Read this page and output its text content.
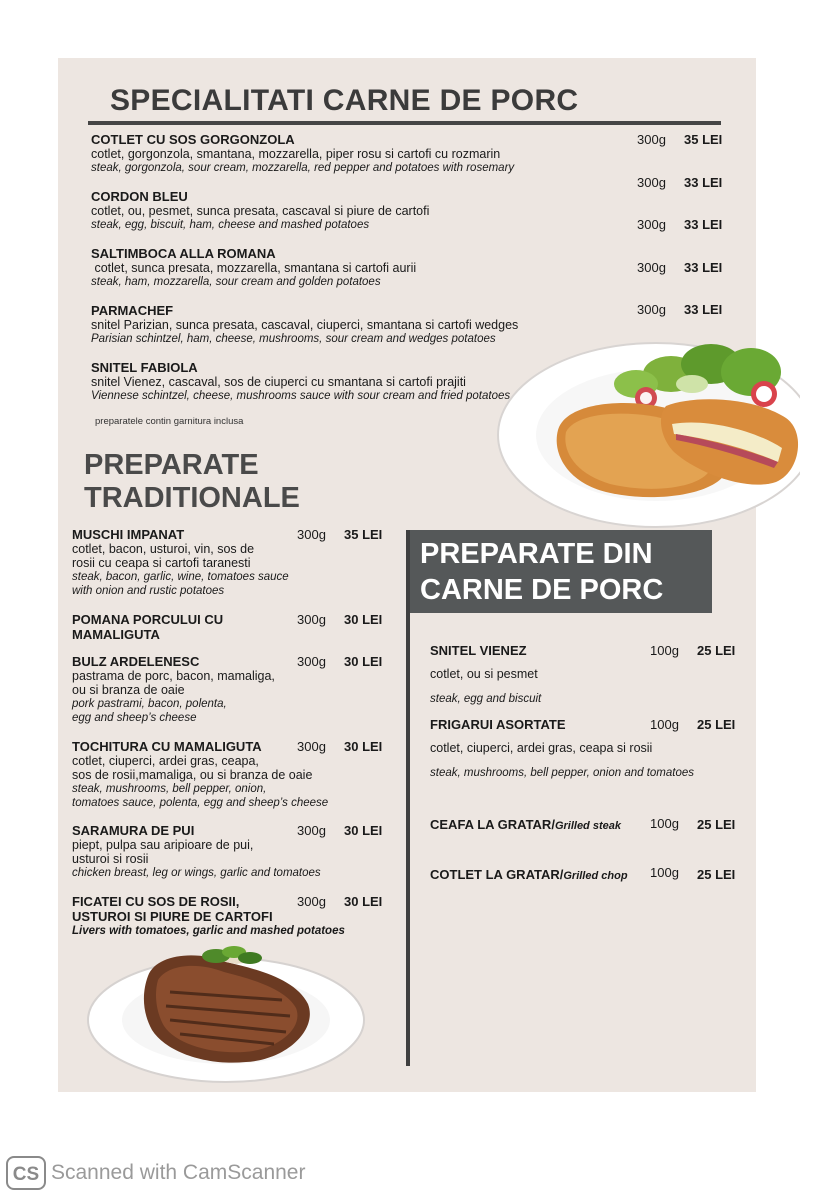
SPECIALITATI CARNE DE PORC
COTLET CU SOS GORGONZOLA
cotlet, gorgonzola, smantana, mozzarella, piper rosu si cartofi cu rozmarin
steak, gorgonzola, sour cream, mozzarella, red pepper and potatoes with rosemary
300g 35 LEI
CORDON BLEU
cotlet, ou, pesmet, sunca presata, cascaval si piure de cartofi
steak, egg, biscuit, ham, cheese and mashed potatoes
300g 33 LEI
SALTIMBOCA ALLA ROMANA
cotlet, sunca presata, mozzarella, smantana si cartofi aurii
steak, ham, mozzarella, sour cream and golden potatoes
300g 33 LEI
300g 33 LEI
PARMACHEF
snitel Parizian, sunca presata, cascaval, ciuperci, smantana si cartofi wedges
Parisian schintzel, ham, cheese, mushrooms, sour cream and wedges potatoes
300g 33 LEI
SNITEL FABIOLA
snitel Vienez, cascaval, sos de ciuperci cu smantana si cartofi prajiti
Viennese schintzel, cheese, mushrooms sauce with sour cream and fried potatoes
preparatele contin garnitura inclusa
PREPARATE
TRADITIONALE
MUSCHI IMPANAT
cotlet, bacon, usturoi, vin, sos de
rosii cu ceapa si cartofi taranesti
steak, bacon, garlic, wine, tomatoes sauce
with onion and rustic potatoes
300g 35 LEI
POMANA PORCULUI CU
MAMALIGUTA
300g 30 LEI
BULZ ARDELENESC
pastrama de porc, bacon, mamaliga,
ou si branza de oaie
pork pastrami, bacon, polenta,
egg and sheep’s cheese
300g 30 LEI
TOCHITURA CU MAMALIGUTA
cotlet, ciuperci, ardei gras, ceapa,
sos de rosii,mamaliga, ou si branza de oaie
steak, mushrooms, bell pepper, onion,
tomatoes sauce, polenta, egg and sheep’s cheese
300g 30 LEI
SARAMURA DE PUI
piept, pulpa sau aripioare de pui,
usturoi si rosii
chicken breast, leg or wings, garlic and tomatoes
300g 30 LEI
FICATEI CU SOS DE ROSII,
USTUROI SI PIURE DE CARTOFI
Livers with tomatoes, garlic and mashed potatoes
300g 30 LEI
PREPARATE DIN
CARNE DE PORC
SNITEL VIENEZ
cotlet, ou si pesmet
steak, egg and biscuit
100g 25 LEI
FRIGARUI ASORTATE
cotlet, ciuperci, ardei gras, ceapa si rosii
steak, mushrooms, bell pepper, onion and tomatoes
100g 25 LEI
CEAFA LA GRATAR/Grilled steak	100g 25 LEI
COTLET LA GRATAR/Grilled chop	100g 25 LEI
CS Scanned with CamScanner
